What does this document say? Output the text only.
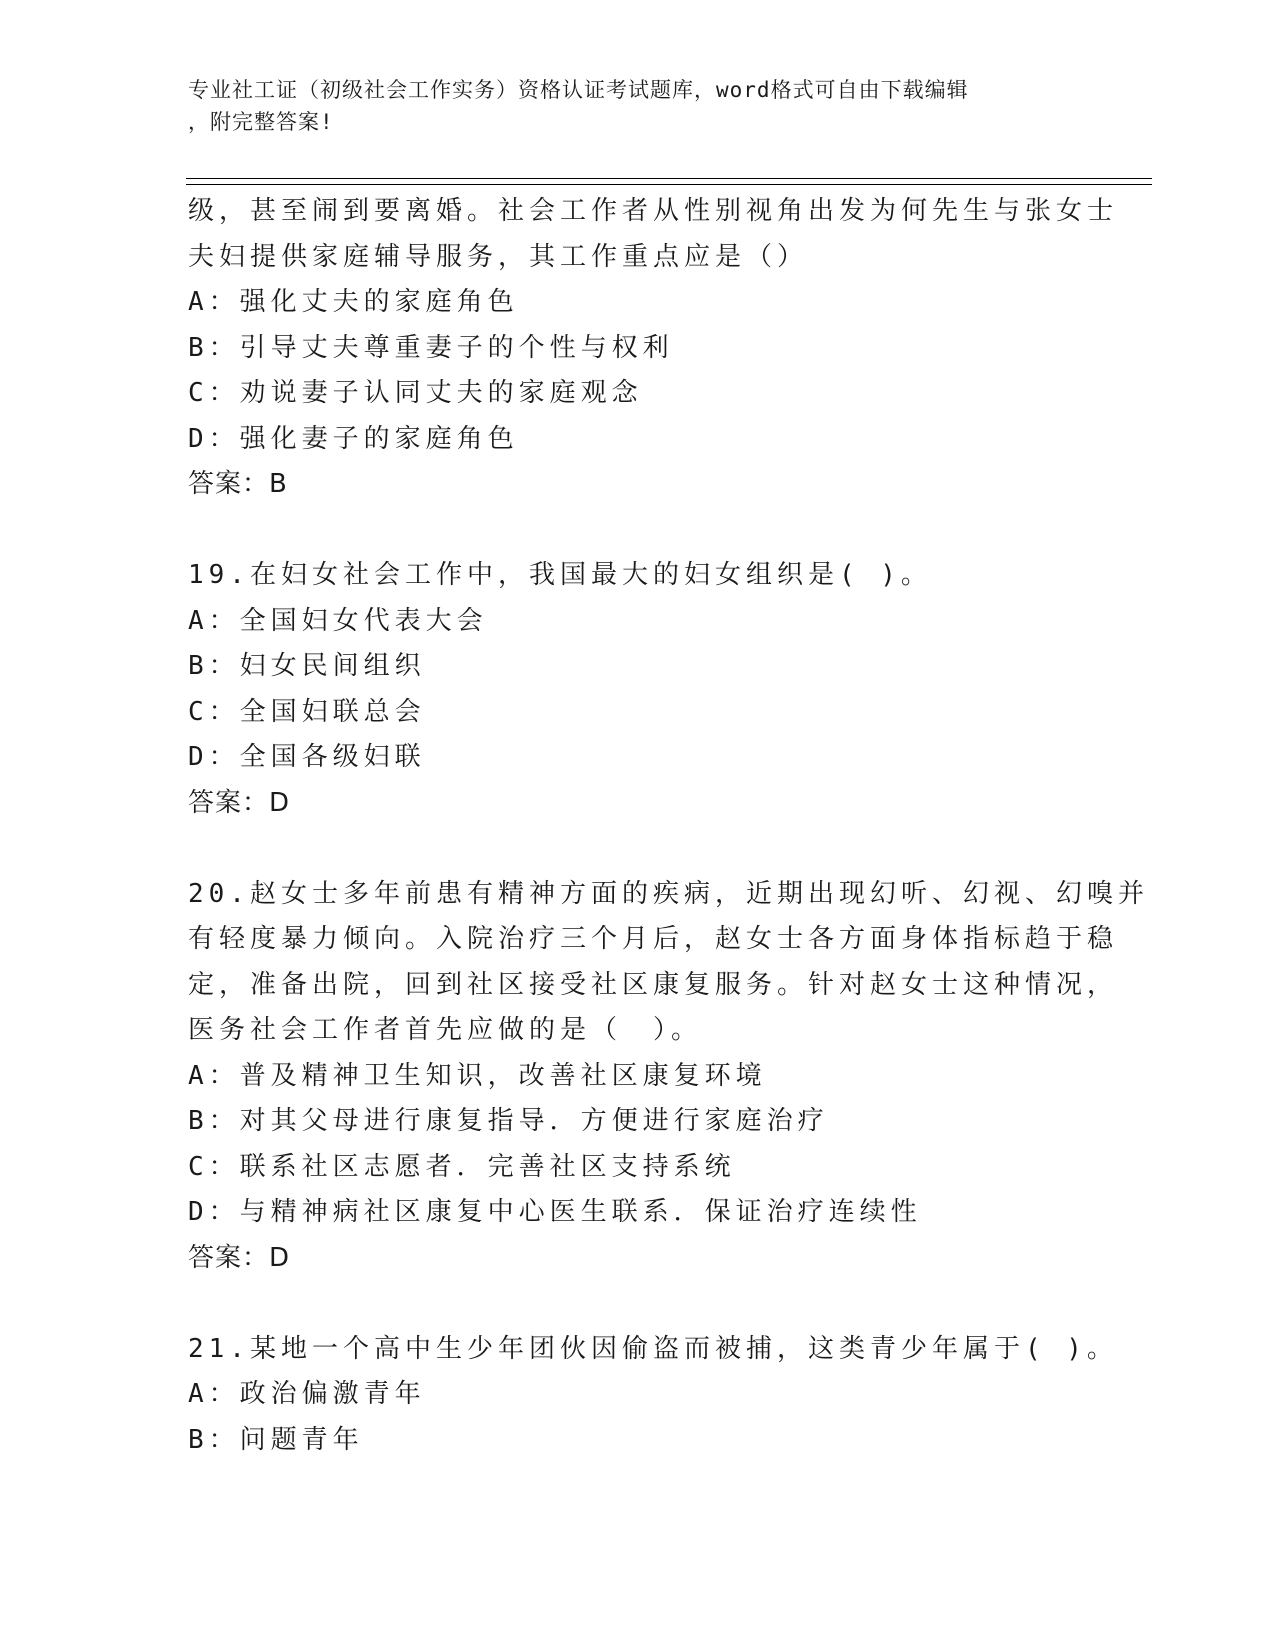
专业社工证（初级社会工作实务）资格认证考试题库，word格式可自由下载编辑
，附完整答案!
级，甚至闹到要离婚。社会工作者从性别视角出发为何先生与张女士
夫妇提供家庭辅导服务，其工作重点应是（）
A：强化丈夫的家庭角色
B：引导丈夫尊重妻子的个性与权利
C：劝说妻子认同丈夫的家庭观念
D：强化妻子的家庭角色
答案：B
19.在妇女社会工作中，我国最大的妇女组织是( )。
A：全国妇女代表大会
B：妇女民间组织
C：全国妇联总会
D：全国各级妇联
答案：D
20.赵女士多年前患有精神方面的疾病，近期出现幻听、幻视、幻嗅并
有轻度暴力倾向。入院治疗三个月后，赵女士各方面身体指标趋于稳
定，准备出院，回到社区接受社区康复服务。针对赵女士这种情况，
医务社会工作者首先应做的是（　）。
A：普及精神卫生知识，改善社区康复环境
B：对其父母进行康复指导．方便进行家庭治疗
C：联系社区志愿者．完善社区支持系统
D：与精神病社区康复中心医生联系．保证治疗连续性
答案：D
21.某地一个高中生少年团伙因偷盗而被捕，这类青少年属于( )。
A：政治偏激青年
B：问题青年
